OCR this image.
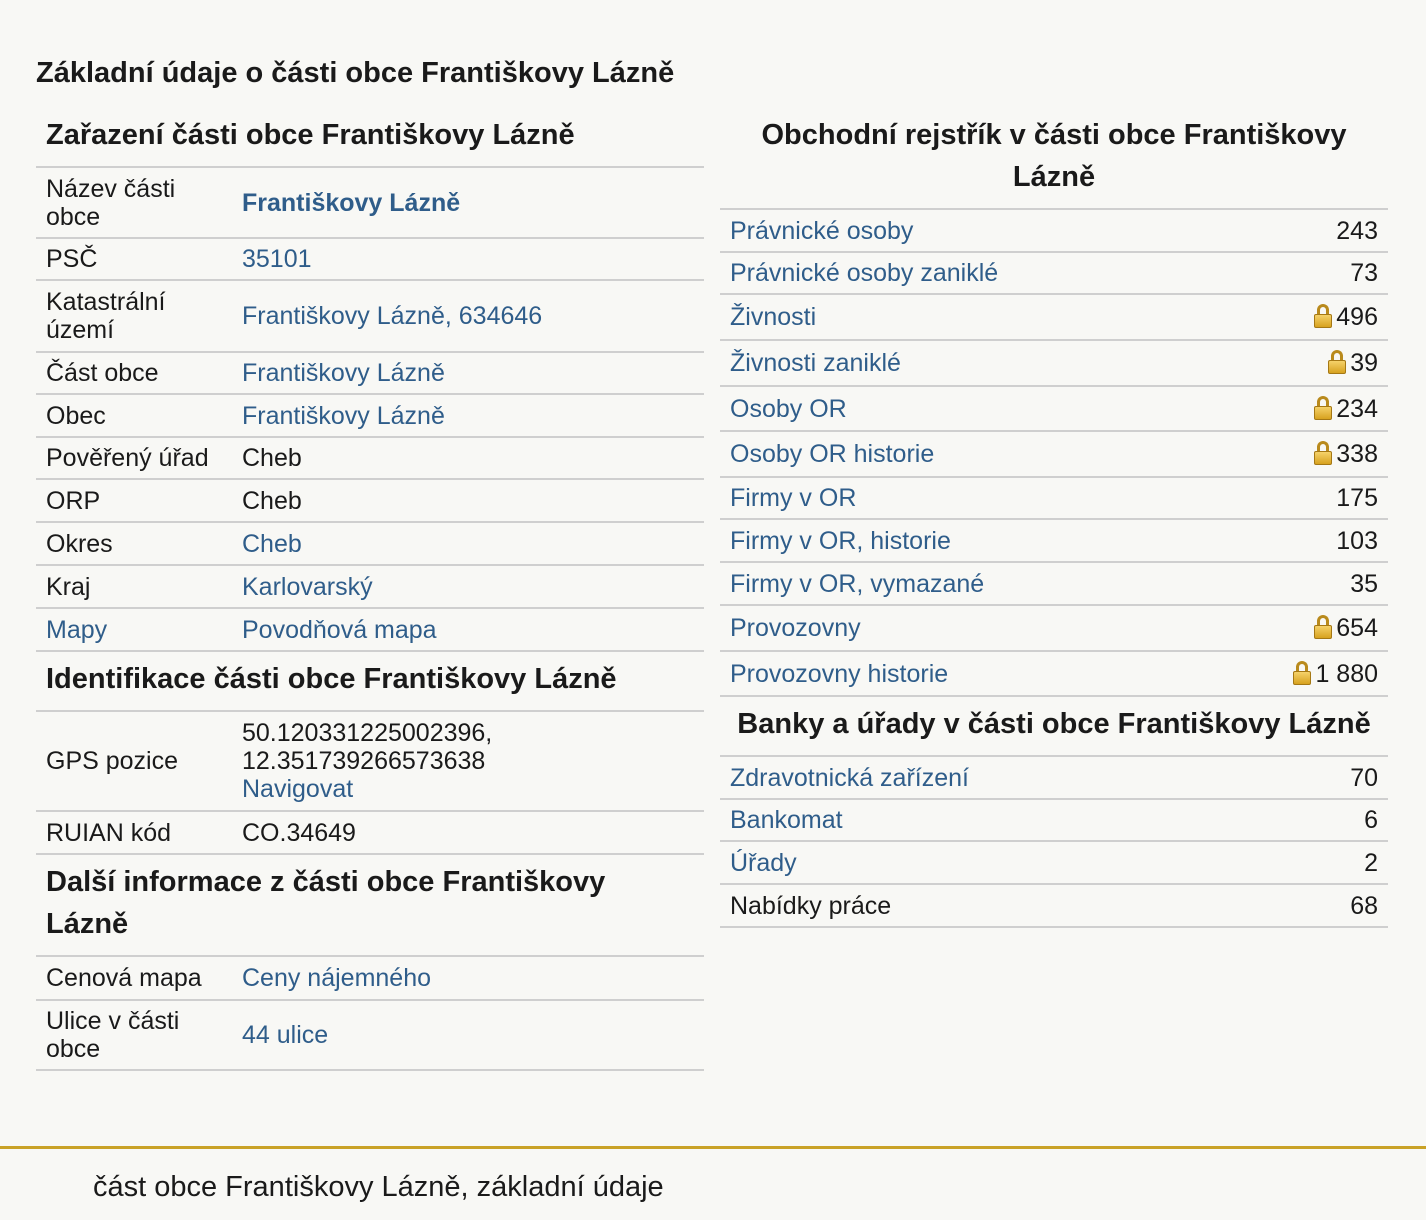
Základní údaje o části obce Františkovy Lázně
Zařazení části obce Františkovy Lázně
Název části obce	Františkovy Lázně
PSČ	35101
Katastrální území	Františkovy Lázně, 634646
Část obce	Františkovy Lázně
Obec	Františkovy Lázně
Pověřený úřad	Cheb
ORP	Cheb
Okres	Cheb
Kraj	Karlovarský
Mapy	Povodňová mapa
Identifikace části obce Františkovy Lázně
GPS pozice	50.120331225002396,
12.351739266573638
Navigovat
RUIAN kód	CO.34649
Další informace z části obce Františkovy Lázně
Cenová mapa	Ceny nájemného
Ulice v části obce	44 ulice
Obchodní rejstřík v části obce Františkovy Lázně
Právnické osoby	243
Právnické osoby zaniklé	73
Živnosti	496
Živnosti zaniklé	39
Osoby OR	234
Osoby OR historie	338
Firmy v OR	175
Firmy v OR, historie	103
Firmy v OR, vymazané	35
Provozovny	654
Provozovny historie	1 880
Banky a úřady v části obce Františkovy Lázně
Zdravotnická zařízení	70
Bankomat	6
Úřady	2
Nabídky práce	68
část obce Františkovy Lázně, základní údaje
